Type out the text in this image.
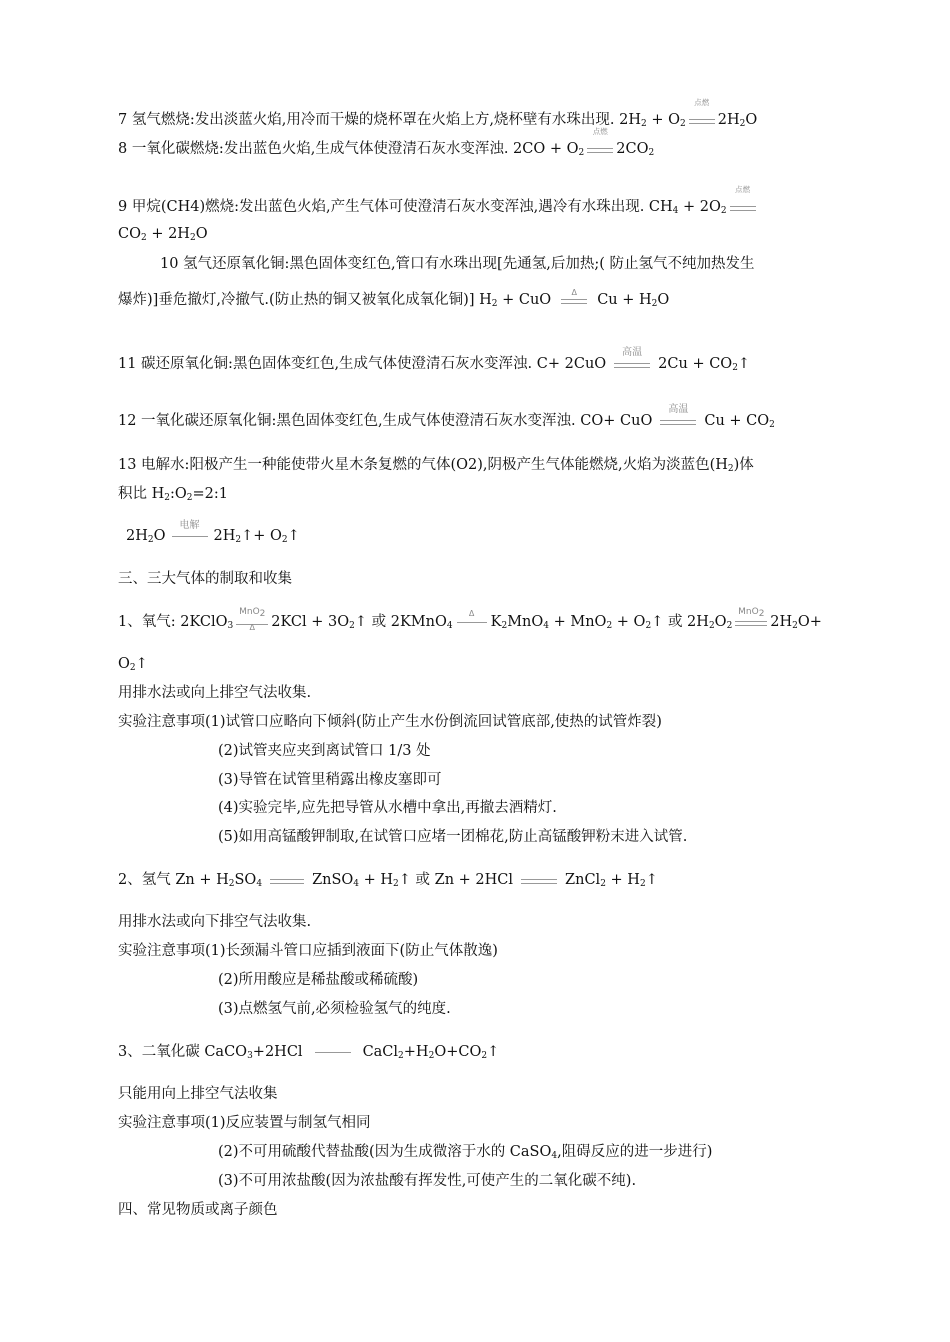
7 氢气燃烧:发出淡蓝火焰,用冷而干燥的烧杯罩在火焰上方,烧杯壁有水珠出现. $2H_2 + O_2$
点燃
$2H_2O$
8 一氧化碳燃烧:发出蓝色火焰,生成气体使澄清石灰水变浑浊. $2CO + O_2$
点燃
$2CO_2$
9 甲烷(CH4)燃烧:发出蓝色火焰,产生气体可使澄清石灰水变浑浊,遇冷有水珠出现. $CH_4 + 2O_2$
点燃
$CO_2 + 2H_2O$
10 氢气还原氧化铜:黑色固体变红色,管口有水珠出现[先通氢,后加热;( 防止氢气不纯加热发生
爆炸)]垂危撤灯,冷撤气.(防止热的铜又被氧化成氧化铜)] $H_2$ + CuO	Δ	$Cu + H_2O$
11 碳还原氧化铜:黑色固体变红色,生成气体使澄清石灰水变浑浊. C+ 2CuO
高温
$2Cu + CO_2↑$
12 一氧化碳还原氧化铜:黑色固体变红色,生成气体使澄清石灰水变浑浊. CO+ CuO
高温
$Cu + CO_2$
13 电解水:阳极产生一种能使带火星木条复燃的气体(O2),阴极产生气体能燃烧,火焰为淡蓝色$(H_2)$体
积比 $H_2:O_2=2:1$
$2H_2O$
电解
$2H_2↑+$ $O_2↑$
三、三大气体的制取和收集
1、氧气: 2KClO$_3$
MnO$_2$
Δ	$2KCl + 3O_2↑$ 或 2KMnO$_4$
Δ
$K_2MnO_4 + MnO_2$ + $O_2↑$ 或 $2H_2O_2$
MnO$_2$ $2H_2O+$
$O_2↑$
用排水法或向上排空气法收集.
实验注意事项(1)试管口应略向下倾斜(防止产生水份倒流回试管底部,使热的试管炸裂)
(2)试管夹应夹到离试管口 1/3 处
(3)导管在试管里稍露出橡皮塞即可
(4)实验完毕,应先把导管从水槽中拿出,再撤去酒精灯.
(5)如用高锰酸钾制取,在试管口应堵一团棉花,防止高锰酸钾粉末进入试管.
2、氢气 $Zn + H_2SO_4$	ZnSO$_4$ + $H_2↑$ 或 Zn + 2HCl	ZnCl$_2$ + $H_2↑$
用排水法或向下排空气法收集.
实验注意事项(1)长颈漏斗管口应插到液面下(防止气体散逸)
(2)所用酸应是稀盐酸或稀硫酸)
(3)点燃氢气前,必须检验氢气的纯度.
3、二氧化碳 CaCO$_3$+2HCl	$CaCl_2+H_2O+CO_2↑$
只能用向上排空气法收集
实验注意事项(1)反应装置与制氢气相同
(2)不可用硫酸代替盐酸(因为生成微溶于水的 CaSO$_4$,阻碍反应的进一步进行)
(3)不可用浓盐酸(因为浓盐酸有挥发性,可使产生的二氧化碳不纯).
四、常见物质或离子颜色
